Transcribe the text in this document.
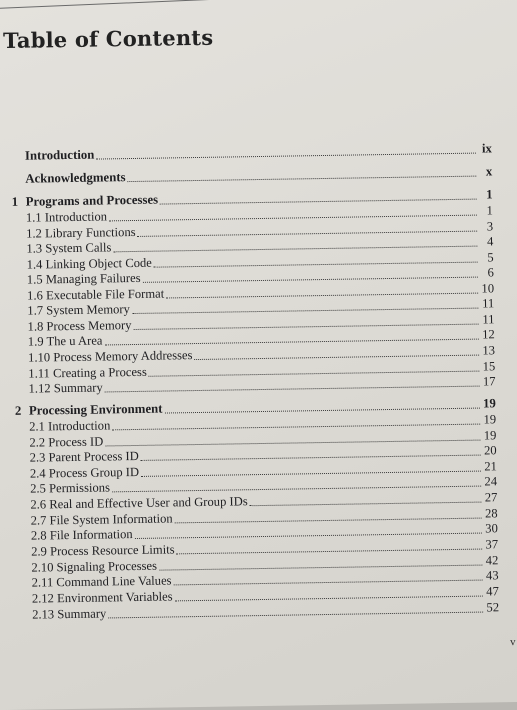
Table of Contents
Introduction	ix
Acknowledgments	x
1 Programs and Processes	1
1.1 Introduction	1
1.2 Library Functions	3
1.3 System Calls	4
1.4 Linking Object Code	5
1.5 Managing Failures	6
1.6 Executable File Format	10
1.7 System Memory	11
1.8 Process Memory	11
1.9 The u Area	12
1.10 Process Memory Addresses	13
1.11 Creating a Process	15
1.12 Summary	17
2 Processing Environment	19
2.1 Introduction	19
2.2 Process ID	19
2.3 Parent Process ID	20
2.4 Process Group ID	21
2.5 Permissions	24
2.6 Real and Effective User and Group IDs	27
2.7 File System Information	28
2.8 File Information	30
2.9 Process Resource Limits	37
2.10 Signaling Processes	42
2.11 Command Line Values	43
2.12 Environment Variables	47
2.13 Summary	52
v
